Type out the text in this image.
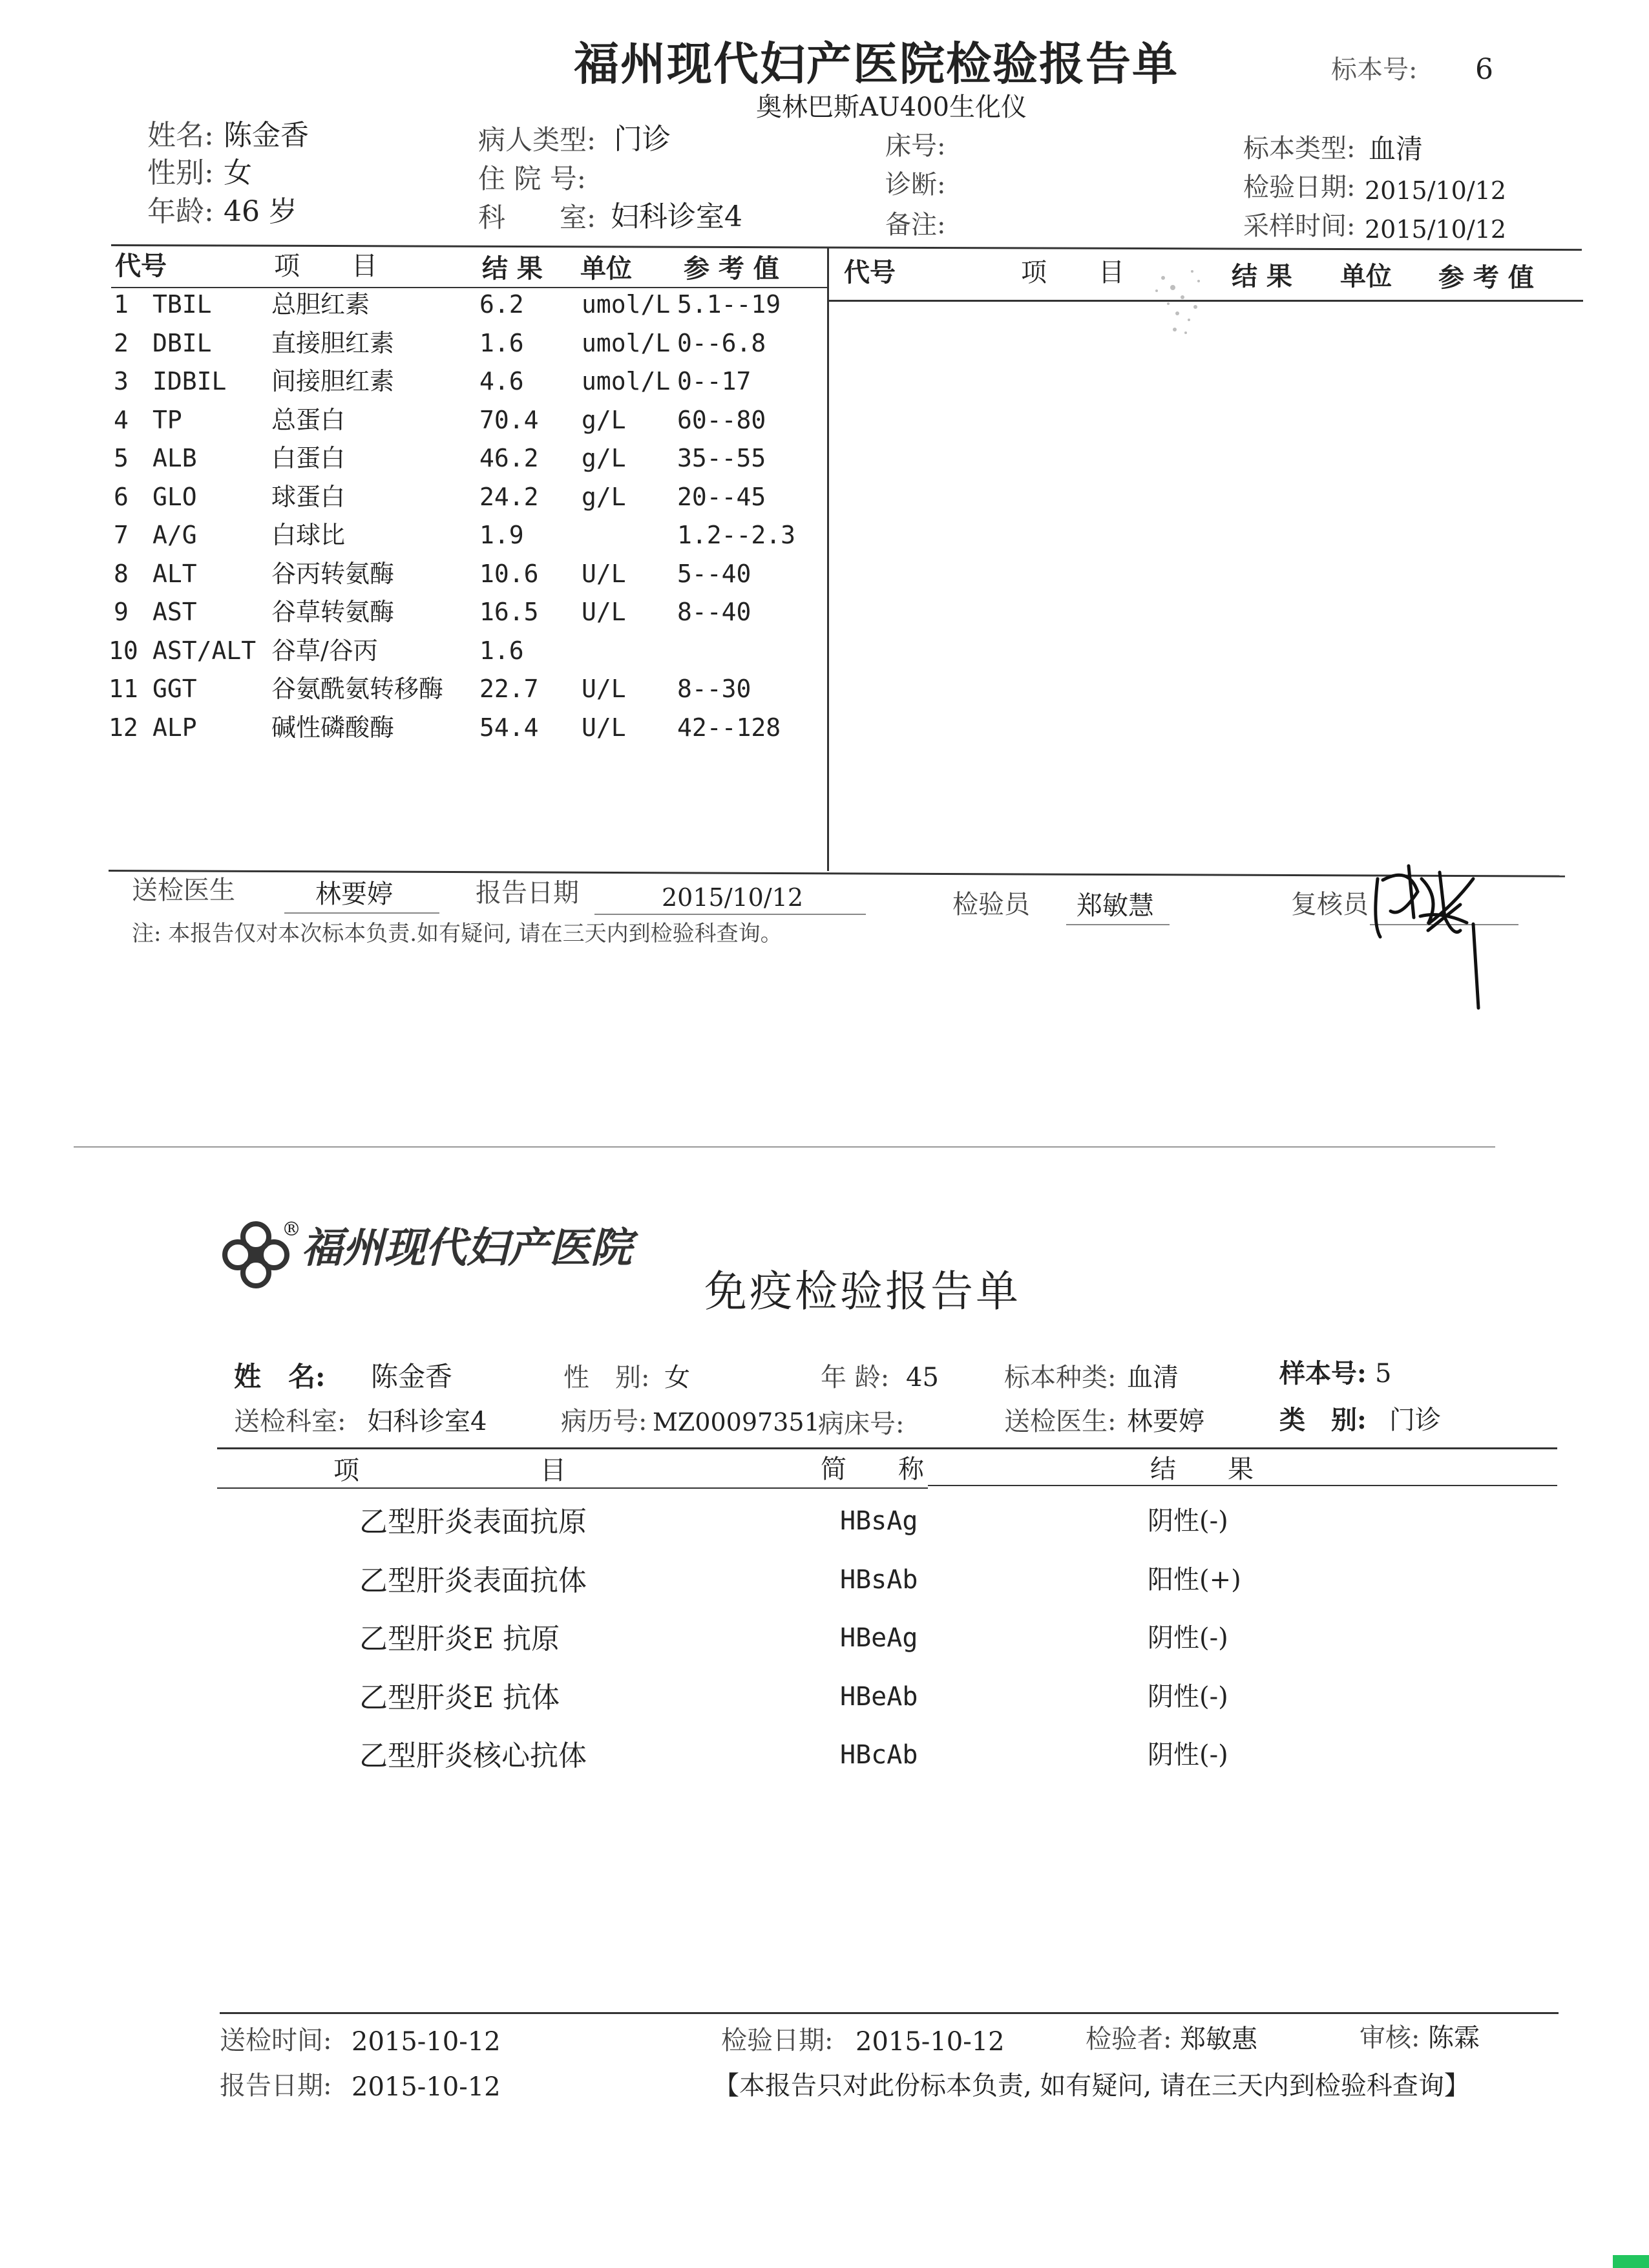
福州现代妇产医院检验报告单	标本号: 6
奥林巴斯AU400生化仪
姓名: 陈金香
性别: 女
年龄: 46 岁
病人类型: 门诊
住 院 号:
科　　室: 妇科诊室4
床号:
诊断:
备注:
标本类型: 血清
检验日期: 2015/10/12
采样时间: 2015/10/12
代号	项　　目	结 果 单位 参 考 值	代号	项　　目	结 果 单位 参 考 值
1 TBIL 总胆红素	6.2 umol/L 5.1--19
2 DBIL 直接胆红素	1.6 umol/L 0--6.8
3 IDBIL 间接胆红素	4.6 umol/L 0--17
4 TP	总蛋白	70.4 g/L 60--80
5 ALB	白蛋白	46.2 g/L 35--55
6 GLO	球蛋白	24.2 g/L 20--45
7 A/G	白球比	1.9	1.2--2.3
8 ALT	谷丙转氨酶	10.6 U/L 5--40
9 AST	谷草转氨酶	16.5 U/L 8--40
10 AST/ALT 谷草/谷丙	1.6
11 GGT	谷氨酰氨转移酶 22.7 U/L 8--30
12 ALP	碱性磷酸酶	54.4 U/L 42--128
送检医生	林要婷	报告日期	2015/10/12	检验员 郑敏慧	复核员
注: 本报告仅对本次标本负责.如有疑问, 请在三天内到检验科查询。
® 福州现代妇产医院
免疫检验报告单
姓　名: 陈金香	性　别: 女	年 龄: 45	标本种类: 血清	样本号: 5
送检科室: 妇科诊室4	病历号: MZ00097351
病床号:	送检医生: 林要婷	类　别: 门诊
项　　　　　　　目	简　　称	结　　果
乙型肝炎表面抗原	HBsAg	阴性(-)
乙型肝炎表面抗体	HBsAb	阳性(+)
乙型肝炎E 抗原	HBeAg	阴性(-)
乙型肝炎E 抗体	HBeAb	阴性(-)
乙型肝炎核心抗体	HBcAb	阴性(-)
送检时间: 2015-10-12	检验日期: 2015-10-12	检验者: 郑敏惠	审核: 陈霖
报告日期: 2015-10-12	【本报告只对此份标本负责, 如有疑问, 请在三天内到检验科查询】
